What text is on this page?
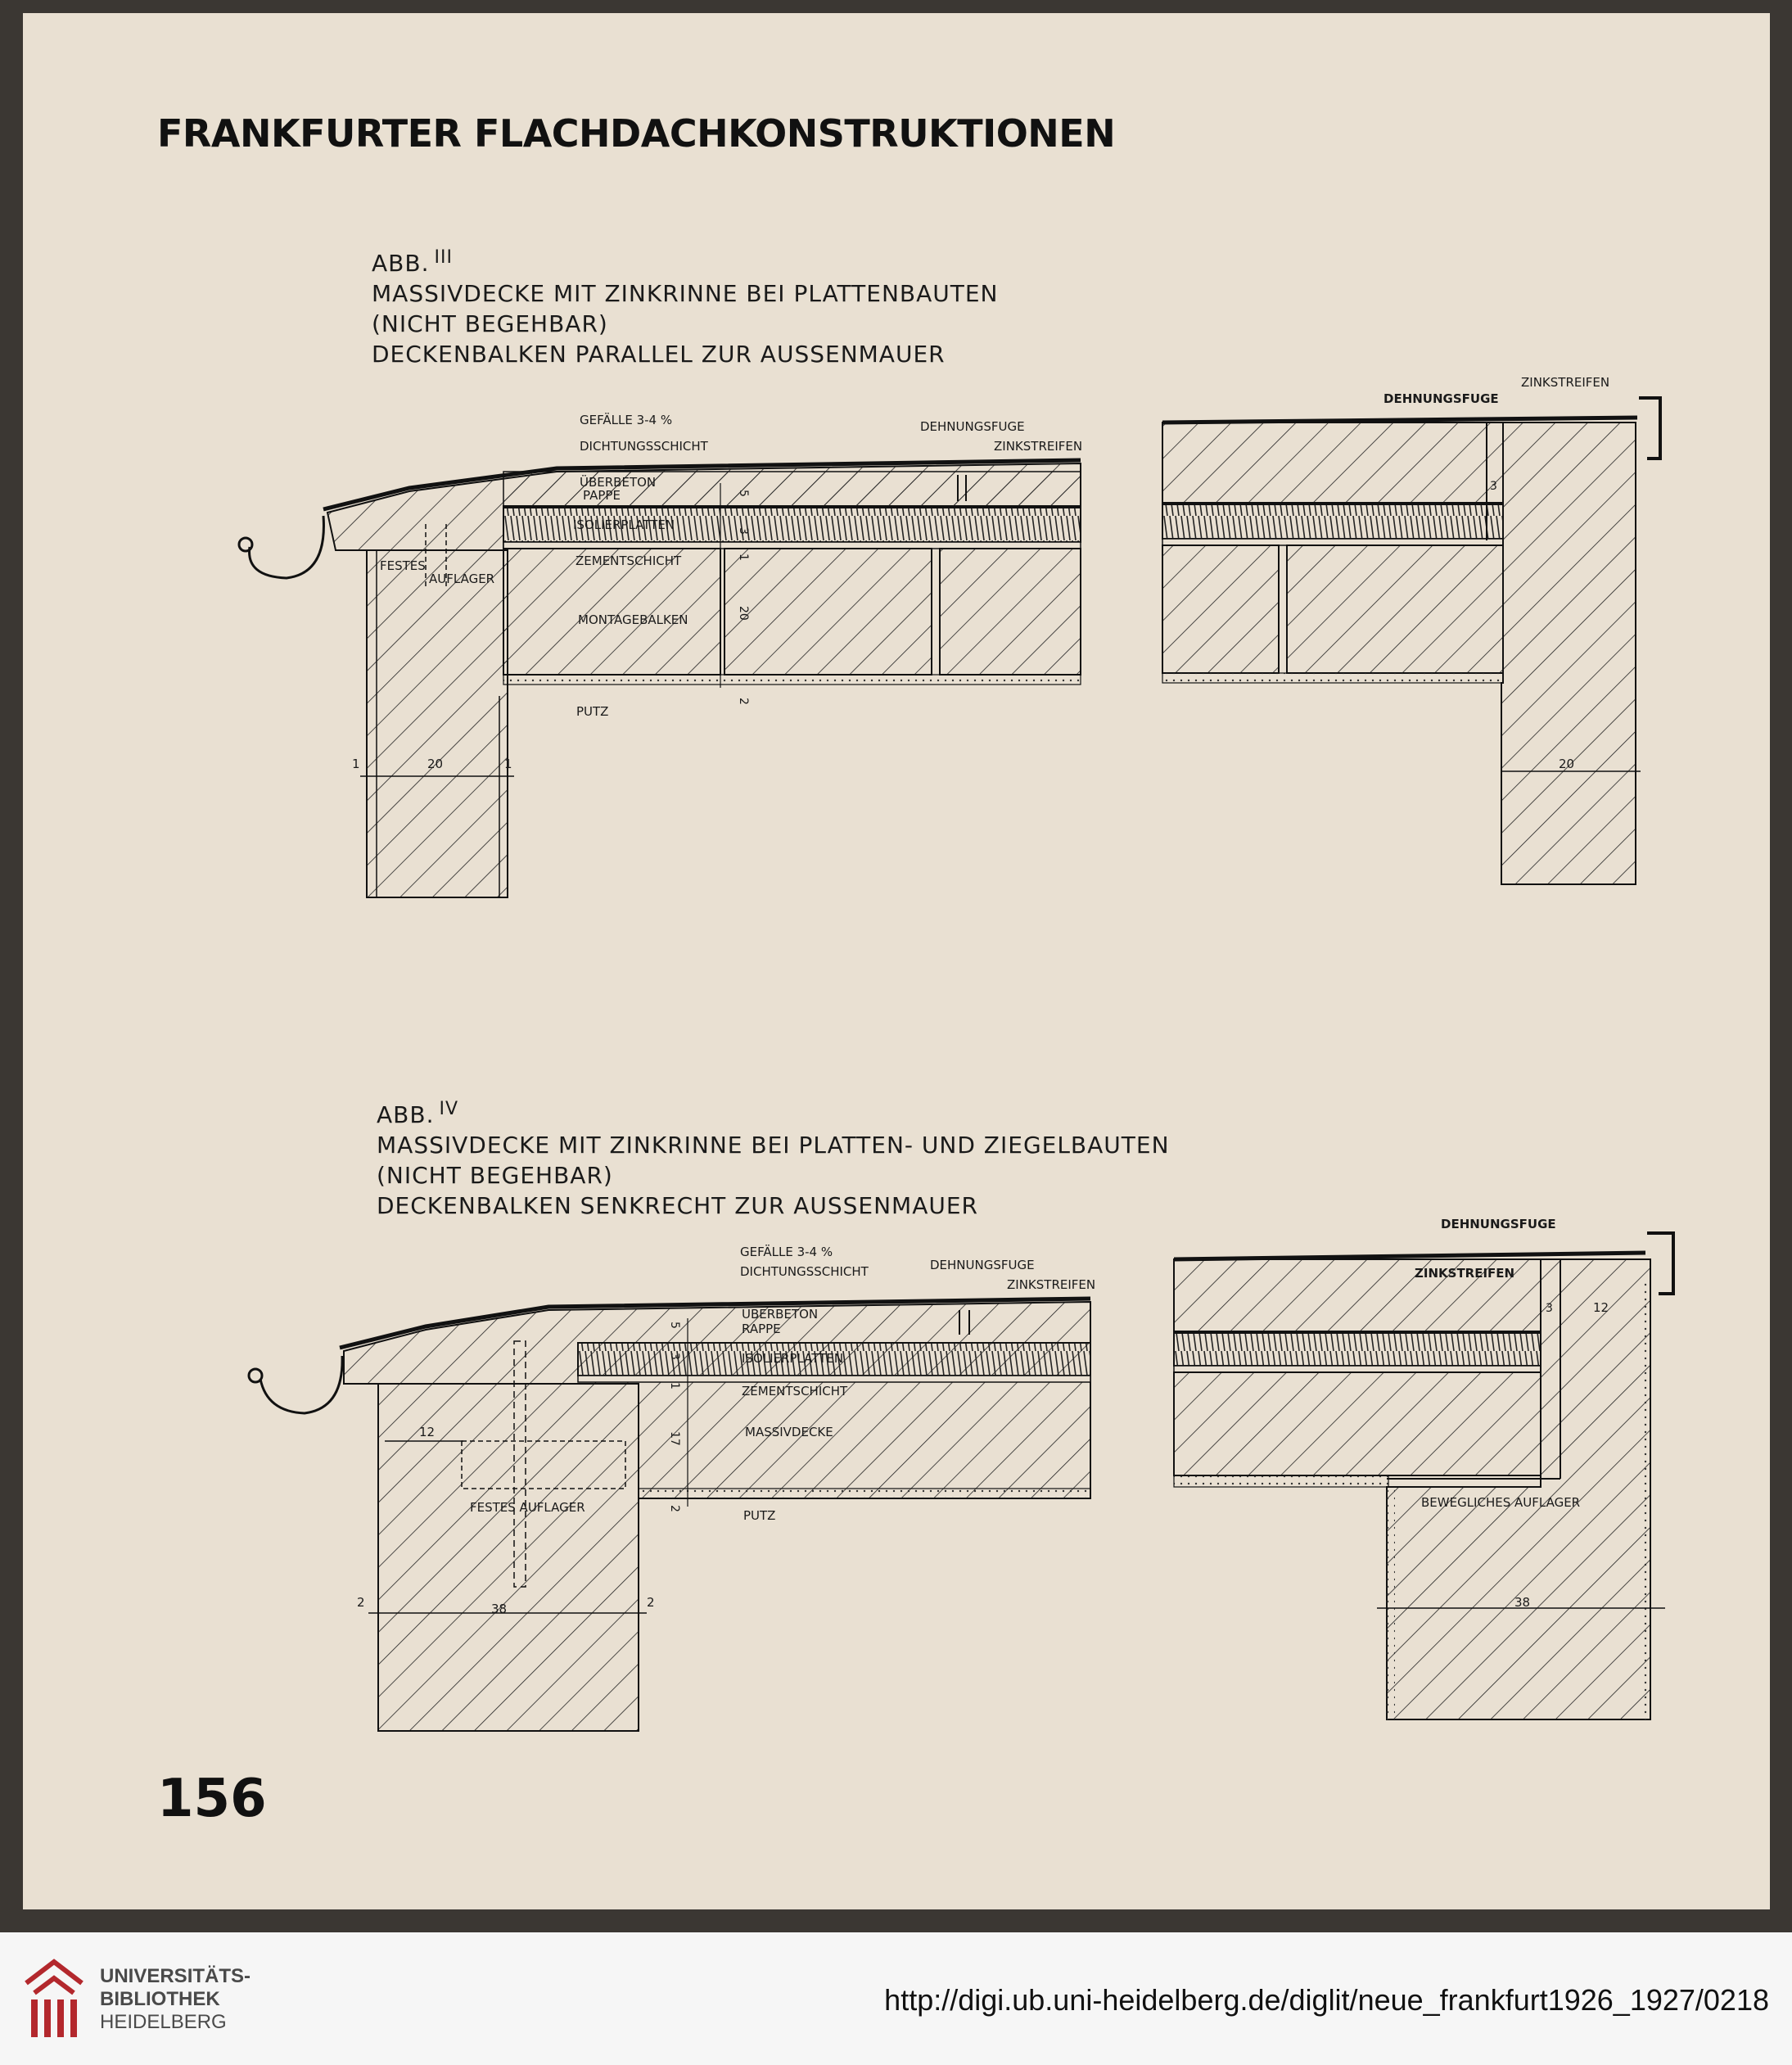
FRANKFURTER FLACHDACHKONSTRUKTIONEN
ABB. $^{III}$
MASSIVDECKE MIT ZINKRINNE BEI PLATTENBAUTEN
(NICHT BEGEHBAR)
DECKENBALKEN PARALLEL ZUR AUSSENMAUER
ABB. $^{IV}$
MASSIVDECKE MIT ZINKRINNE BEI PLATTEN- UND ZIEGELBAUTEN
(NICHT BEGEHBAR)
DECKENBALKEN SENKRECHT ZUR AUSSENMAUER
GEFÄLLE 3-4 %
DICHTUNGSSCHICHT
ÜBERBETON
PAPPE
ISOLIERPLATTEN
ZEMENTSCHICHT
MONTAGEBALKEN
PUTZ
FESTES
AUFLAGER
DEHNUNGSFUGE
ZINKSTREIFEN
1	20	1
5
3
1
20
2
ZINKSTREIFEN
DEHNUNGSFUGE
3
20
GEFÄLLE 3-4 %
DICHTUNGSSCHICHT
ÜBERBETON
RAPPE
ISOLIERPLATTEN
ZEMENTSCHICHT
MASSIVDECKE
PUTZ
FESTES AUFLAGER
DEHNUNGSFUGE
ZINKSTREIFEN
12
2	38	2
5
3
1
17
2
DEHNUNGSFUGE
ZINKSTREIFEN
BEWEGLICHES AUFLAGER
3	12
38
156
UNIVERSITÄTS-
BIBLIOTHEK
HEIDELBERG
http://digi.ub.uni-heidelberg.de/diglit/neue_frankfurt1926_1927/0218
